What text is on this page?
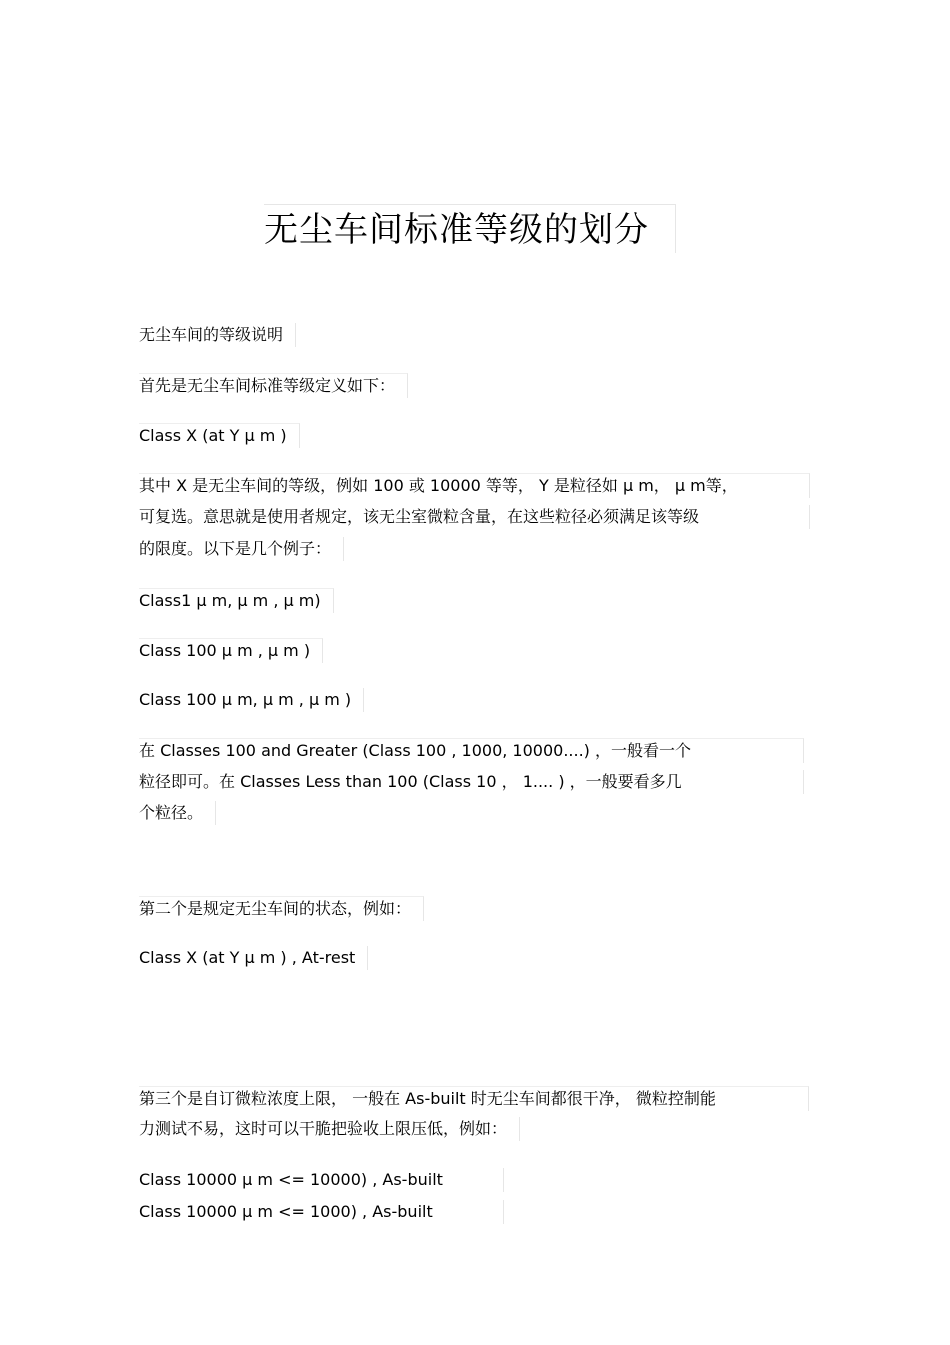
无尘车间标准等级的划分
无尘车间的等级说明
首先是无尘车间标准等级定义如下：
Class X (at Y μ m )
其中 X 是无尘车间的等级，例如 100 或 10000 等等， Y 是粒径如 μ m， μ m等，
可复选。意思就是使用者规定，该无尘室微粒含量，在这些粒径必须满足该等级
的限度。以下是几个例子：
Class1 μ m, μ m , μ m)
Class 100 μ m , μ m )
Class 100 μ m, μ m , μ m )
在 Classes 100 and Greater (Class 100 , 1000, 10000....) ，一般看一个
粒径即可。在 Classes Less than 100 (Class 10 ， 1.... ) ，一般要看多几
个粒径。
第二个是规定无尘车间的状态，例如：
Class X (at Y μ m ) , At-rest
第三个是自订微粒浓度上限， 一般在 As-built 时无尘车间都很干净， 微粒控制能
力测试不易，这时可以干脆把验收上限压低，例如：
Class 10000 μ m <= 10000) , As-built
Class 10000 μ m <= 1000) , As-built
